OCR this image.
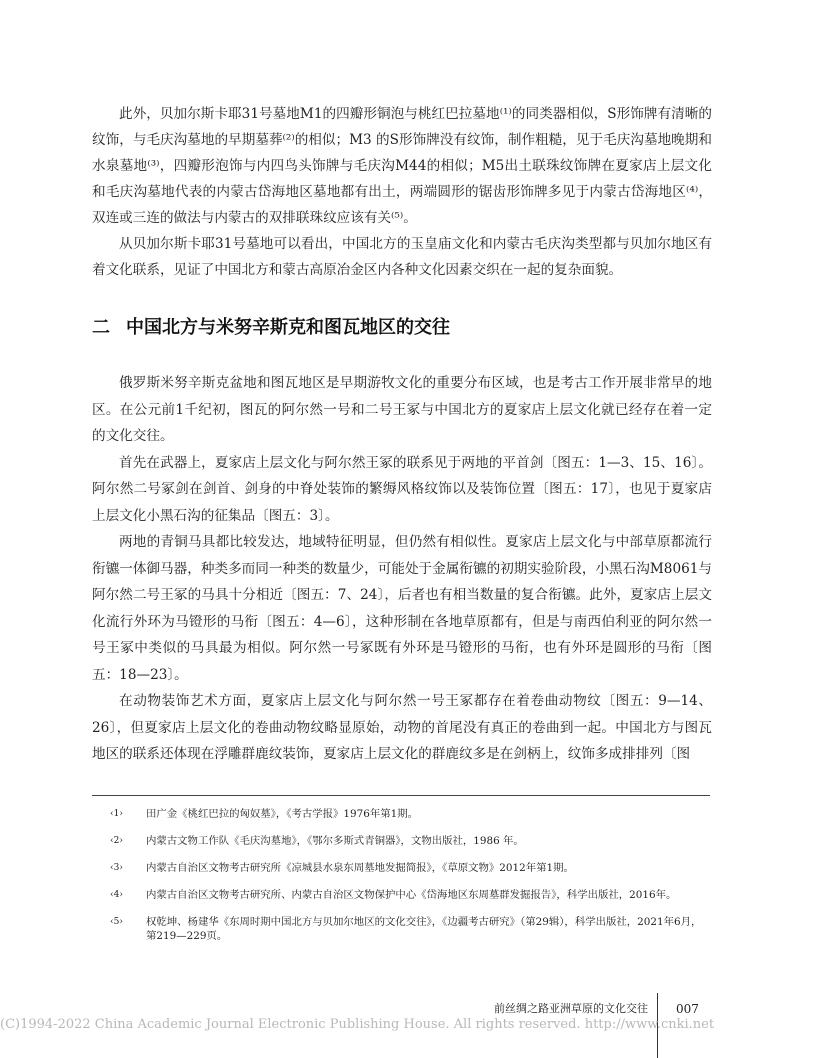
此外，贝加尔斯卡耶31号墓地M1的四瓣形铜泡与桃红巴拉墓地⁽¹⁾的同类器相似，S形饰牌有清晰的纹饰，与毛庆沟墓地的早期墓葬⁽²⁾的相似；M3 的S形饰牌没有纹饰，制作粗糙，见于毛庆沟墓地晚期和水泉墓地⁽³⁾，四瓣形泡饰与内四鸟头饰牌与毛庆沟M44的相似；M5出土联珠纹饰牌在夏家店上层文化和毛庆沟墓地代表的内蒙古岱海地区墓地都有出土，两端圆形的锯齿形饰牌多见于内蒙古岱海地区⁽⁴⁾，双连或三连的做法与内蒙古的双排联珠纹应该有关⁽⁵⁾。

从贝加尔斯卡耶31号墓地可以看出，中国北方的玉皇庙文化和内蒙古毛庆沟类型都与贝加尔地区有着文化联系，见证了中国北方和蒙古高原冶金区内各种文化因素交织在一起的复杂面貌。

二 中国北方与米努辛斯克和图瓦地区的交往

俄罗斯米努辛斯克盆地和图瓦地区是早期游牧文化的重要分布区域，也是考古工作开展非常早的地区。在公元前1千纪初，图瓦的阿尔然一号和二号王冢与中国北方的夏家店上层文化就已经存在着一定的文化交往。

首先在武器上，夏家店上层文化与阿尔然王冢的联系见于两地的平首剑〔图五：1—3、15、16〕。阿尔然二号冢剑在剑首、剑身的中脊处装饰的繁缛风格纹饰以及装饰位置〔图五：17〕，也见于夏家店上层文化小黑石沟的征集品〔图五：3〕。

两地的青铜马具都比较发达，地域特征明显，但仍然有相似性。夏家店上层文化与中部草原都流行衔镳一体御马器，种类多而同一种类的数量少，可能处于金属衔镳的初期实验阶段，小黑石沟M8061与阿尔然二号王冢的马具十分相近〔图五：7、24〕，后者也有相当数量的复合衔镳。此外，夏家店上层文化流行外环为马镫形的马衔〔图五：4—6〕，这种形制在各地草原都有，但是与南西伯利亚的阿尔然一号王冢中类似的马具最为相似。阿尔然一号冢既有外环是马镫形的马衔，也有外环是圆形的马衔〔图五：18—23〕。

在动物装饰艺术方面，夏家店上层文化与阿尔然一号王冢都存在着卷曲动物纹〔图五：9—14、26〕，但夏家店上层文化的卷曲动物纹略显原始，动物的首尾没有真正的卷曲到一起。中国北方与图瓦地区的联系还体现在浮雕群鹿纹装饰，夏家店上层文化的群鹿纹多是在剑柄上，纹饰多成排排列〔图

‹1› 田广金《桃红巴拉的匈奴墓》，《考古学报》1976年第1期。
‹2› 内蒙古文物工作队《毛庆沟墓地》，《鄂尔多斯式青铜器》，文物出版社，1986 年。
‹3› 内蒙古自治区文物考古研究所《凉城县水泉东周墓地发掘简报》，《草原文物》2012年第1期。
‹4› 内蒙古自治区文物考古研究所、内蒙古自治区文物保护中心《岱海地区东周墓群发掘报告》，科学出版社，2016年。
‹5› 权乾坤、杨建华《东周时期中国北方与贝加尔地区的文化交往》，《边疆考古研究》（第29辑），科学出版社，2021年6月，第219—229页。
前丝绸之路亚洲草原的文化交往 007
(C)1994-2022 China Academic Journal Electronic Publishing House. All rights reserved. http://www.cnki.net
